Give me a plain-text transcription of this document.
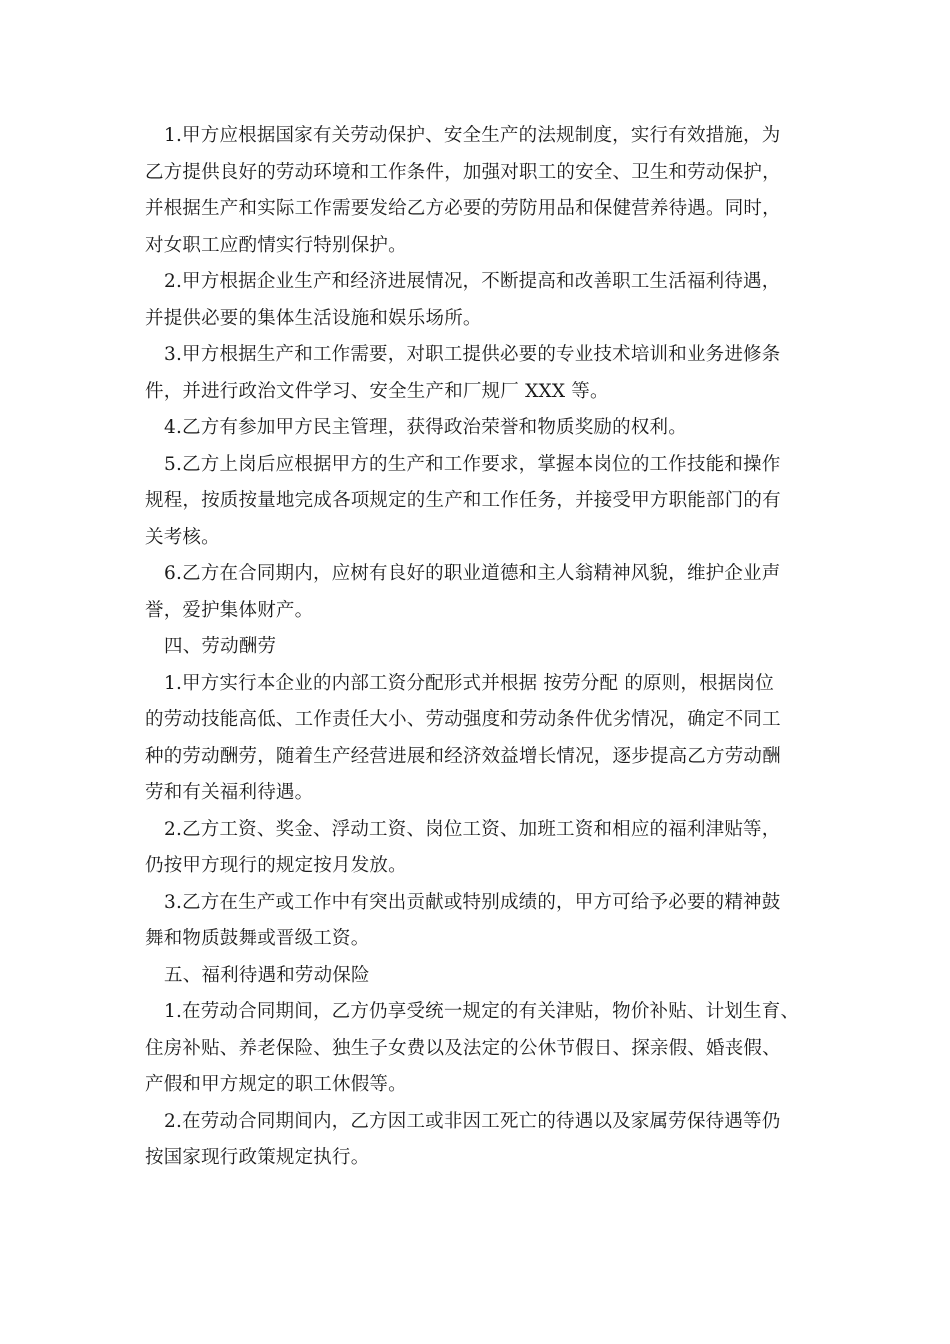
1.甲方应根据国家有关劳动保护、安全生产的法规制度，实行有效措施，为
乙方提供良好的劳动环境和工作条件，加强对职工的安全、卫生和劳动保护，
并根据生产和实际工作需要发给乙方必要的劳防用品和保健营养待遇。同时，
对女职工应酌情实行特别保护。
2.甲方根据企业生产和经济进展情况，不断提高和改善职工生活福利待遇，
并提供必要的集体生活设施和娱乐场所。
3.甲方根据生产和工作需要，对职工提供必要的专业技术培训和业务进修条
件，并进行政治文件学习、安全生产和厂规厂 XXX 等。
4.乙方有参加甲方民主管理，获得政治荣誉和物质奖励的权利。
5.乙方上岗后应根据甲方的生产和工作要求，掌握本岗位的工作技能和操作
规程，按质按量地完成各项规定的生产和工作任务，并接受甲方职能部门的有
关考核。
6.乙方在合同期内，应树有良好的职业道德和主人翁精神风貌，维护企业声
誉，爱护集体财产。
四、劳动酬劳
1.甲方实行本企业的内部工资分配形式并根据 按劳分配 的原则，根据岗位
的劳动技能高低、工作责任大小、劳动强度和劳动条件优劣情况，确定不同工
种的劳动酬劳，随着生产经营进展和经济效益增长情况，逐步提高乙方劳动酬
劳和有关福利待遇。
2.乙方工资、奖金、浮动工资、岗位工资、加班工资和相应的福利津贴等，
仍按甲方现行的规定按月发放。
3.乙方在生产或工作中有突出贡献或特别成绩的，甲方可给予必要的精神鼓
舞和物质鼓舞或晋级工资。
五、福利待遇和劳动保险
1.在劳动合同期间，乙方仍享受统一规定的有关津贴，物价补贴、计划生育、
住房补贴、养老保险、独生子女费以及法定的公休节假日、探亲假、婚丧假、
产假和甲方规定的职工休假等。
2.在劳动合同期间内，乙方因工或非因工死亡的待遇以及家属劳保待遇等仍
按国家现行政策规定执行。
